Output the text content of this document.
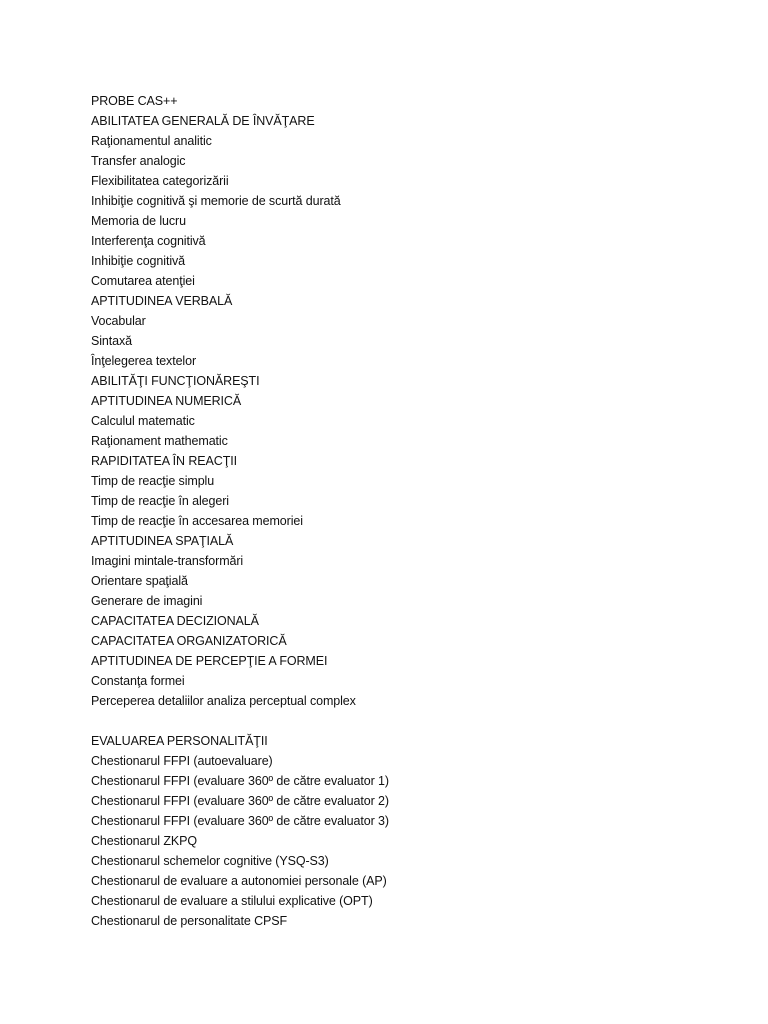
PROBE CAS++
ABILITATEA GENERALĂ DE ÎNVĂŢARE
Raţionamentul analitic
Transfer analogic
Flexibilitatea categorizării
Inhibiţie cognitivă şi memorie de scurtă durată
Memoria de lucru
Interferenţa cognitivă
Inhibiţie cognitivă
Comutarea atenţiei
APTITUDINEA VERBALĂ
Vocabular
Sintaxă
Înţelegerea textelor
ABILITĂŢI FUNCŢIONĂREŞTI
APTITUDINEA NUMERICĂ
Calculul matematic
Raţionament mathematic
RAPIDITATEA ÎN REACŢII
Timp de reacţie simplu
Timp de reacţie în alegeri
Timp de reacţie în accesarea memoriei
APTITUDINEA SPAŢIALĂ
Imagini mintale-transformări
Orientare spaţială
Generare de imagini
CAPACITATEA DECIZIONALĂ
CAPACITATEA ORGANIZATORICĂ
APTITUDINEA DE PERCEPŢIE A FORMEI
Constanţa formei
Perceperea detaliilor analiza perceptual complex
EVALUAREA PERSONALITĂŢII
Chestionarul FFPI (autoevaluare)
Chestionarul FFPI (evaluare 360º de către evaluator 1)
Chestionarul FFPI (evaluare 360º de către evaluator 2)
Chestionarul FFPI (evaluare 360º de către evaluator 3)
Chestionarul ZKPQ
Chestionarul schemelor cognitive (YSQ-S3)
Chestionarul de evaluare a autonomiei personale (AP)
Chestionarul de evaluare a stilului explicative (OPT)
Chestionarul de personalitate CPSF
